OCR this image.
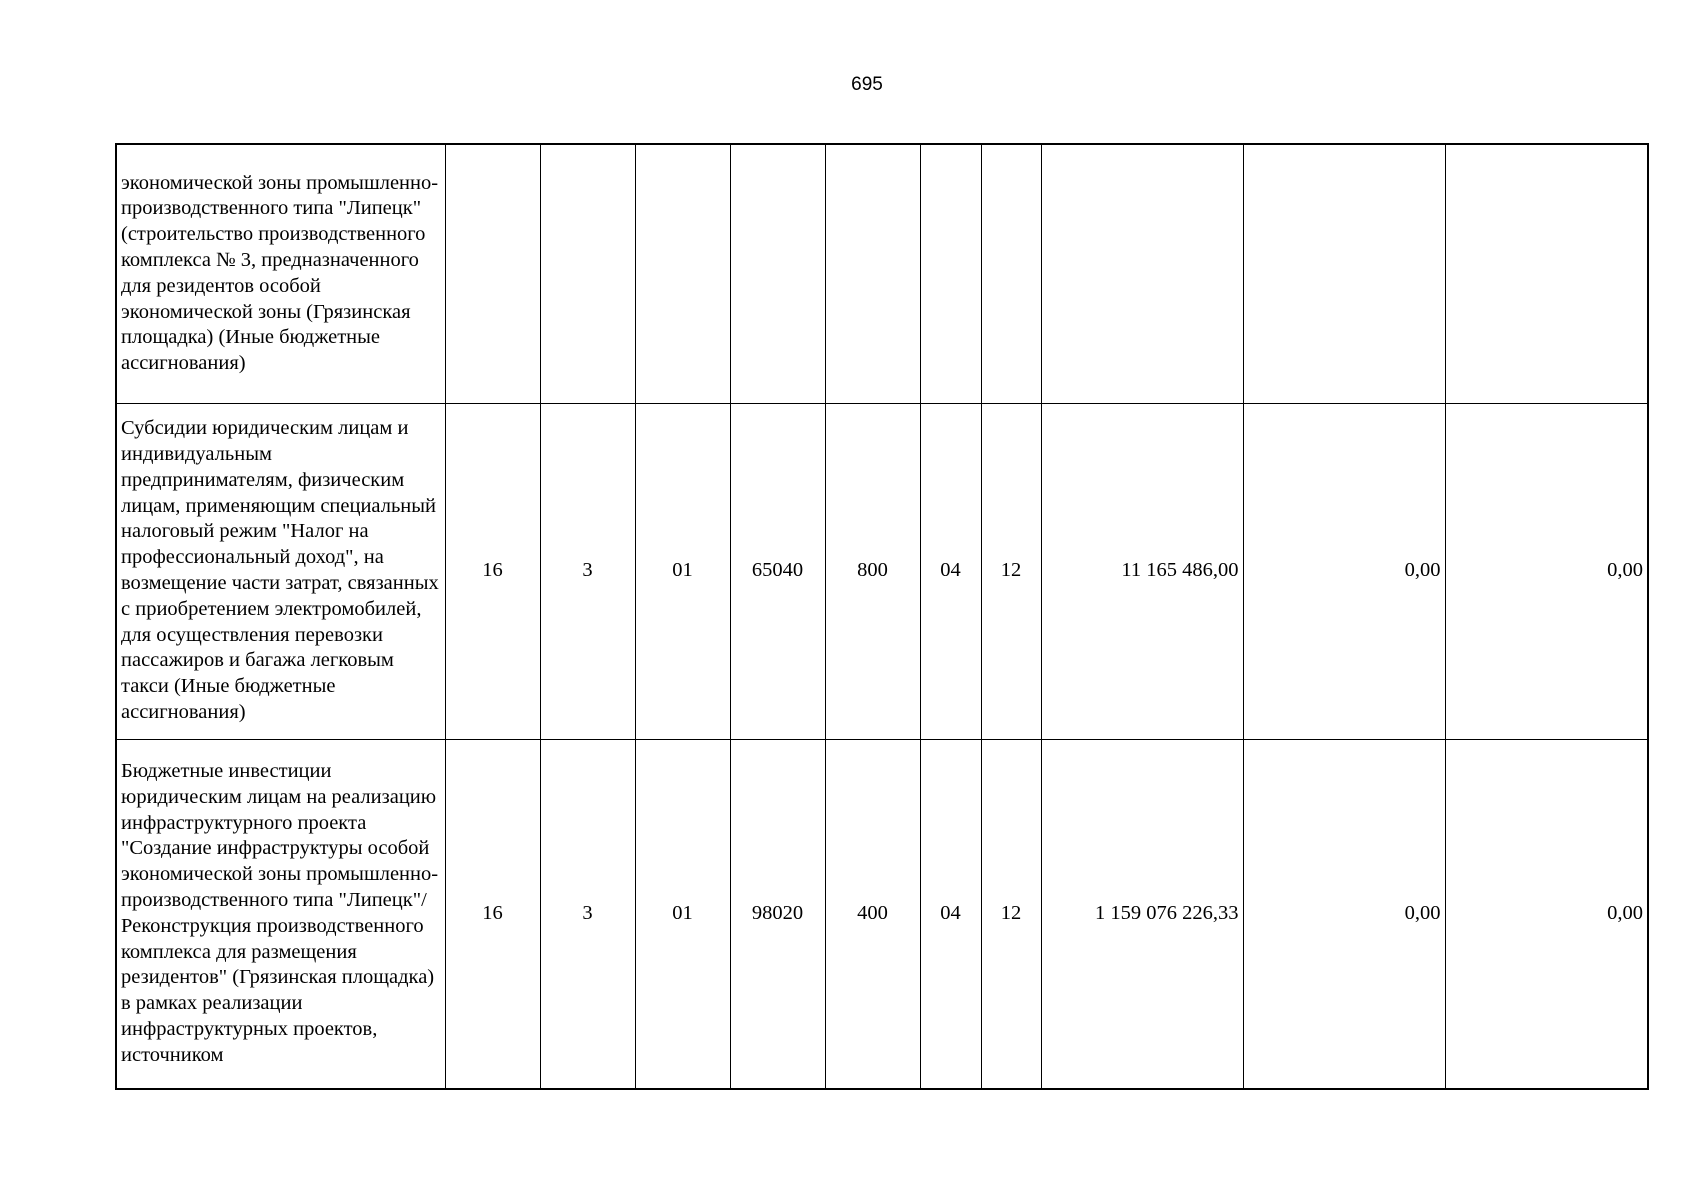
695
экономической зоны промышленно-производственного типа "Липецк" (строительство производственного комплекса № 3, предназначенного для резидентов особой экономической зоны (Грязинская площадка) (Иные бюджетные ассигнования)										
Субсидии юридическим лицам и индивидуальным предпринимателям, физическим лицам, применяющим специальный налоговый режим "Налог на профессиональный доход", на возмещение части затрат, связанных с приобретением электромобилей, для осуществления перевозки пассажиров и багажа легковым такси (Иные бюджетные ассигнования)	16	3	01	65040	800	04	12	11 165 486,00	0,00	0,00
Бюджетные инвестиции юридическим лицам на реализацию инфраструктурного проекта "Создание инфраструктуры особой экономической зоны промышленно-производственного типа "Липецк"/Реконструкция производственного комплекса для размещения резидентов" (Грязинская площадка) в рамках реализации инфраструктурных проектов, источником	16	3	01	98020	400	04	12	1 159 076 226,33	0,00	0,00
